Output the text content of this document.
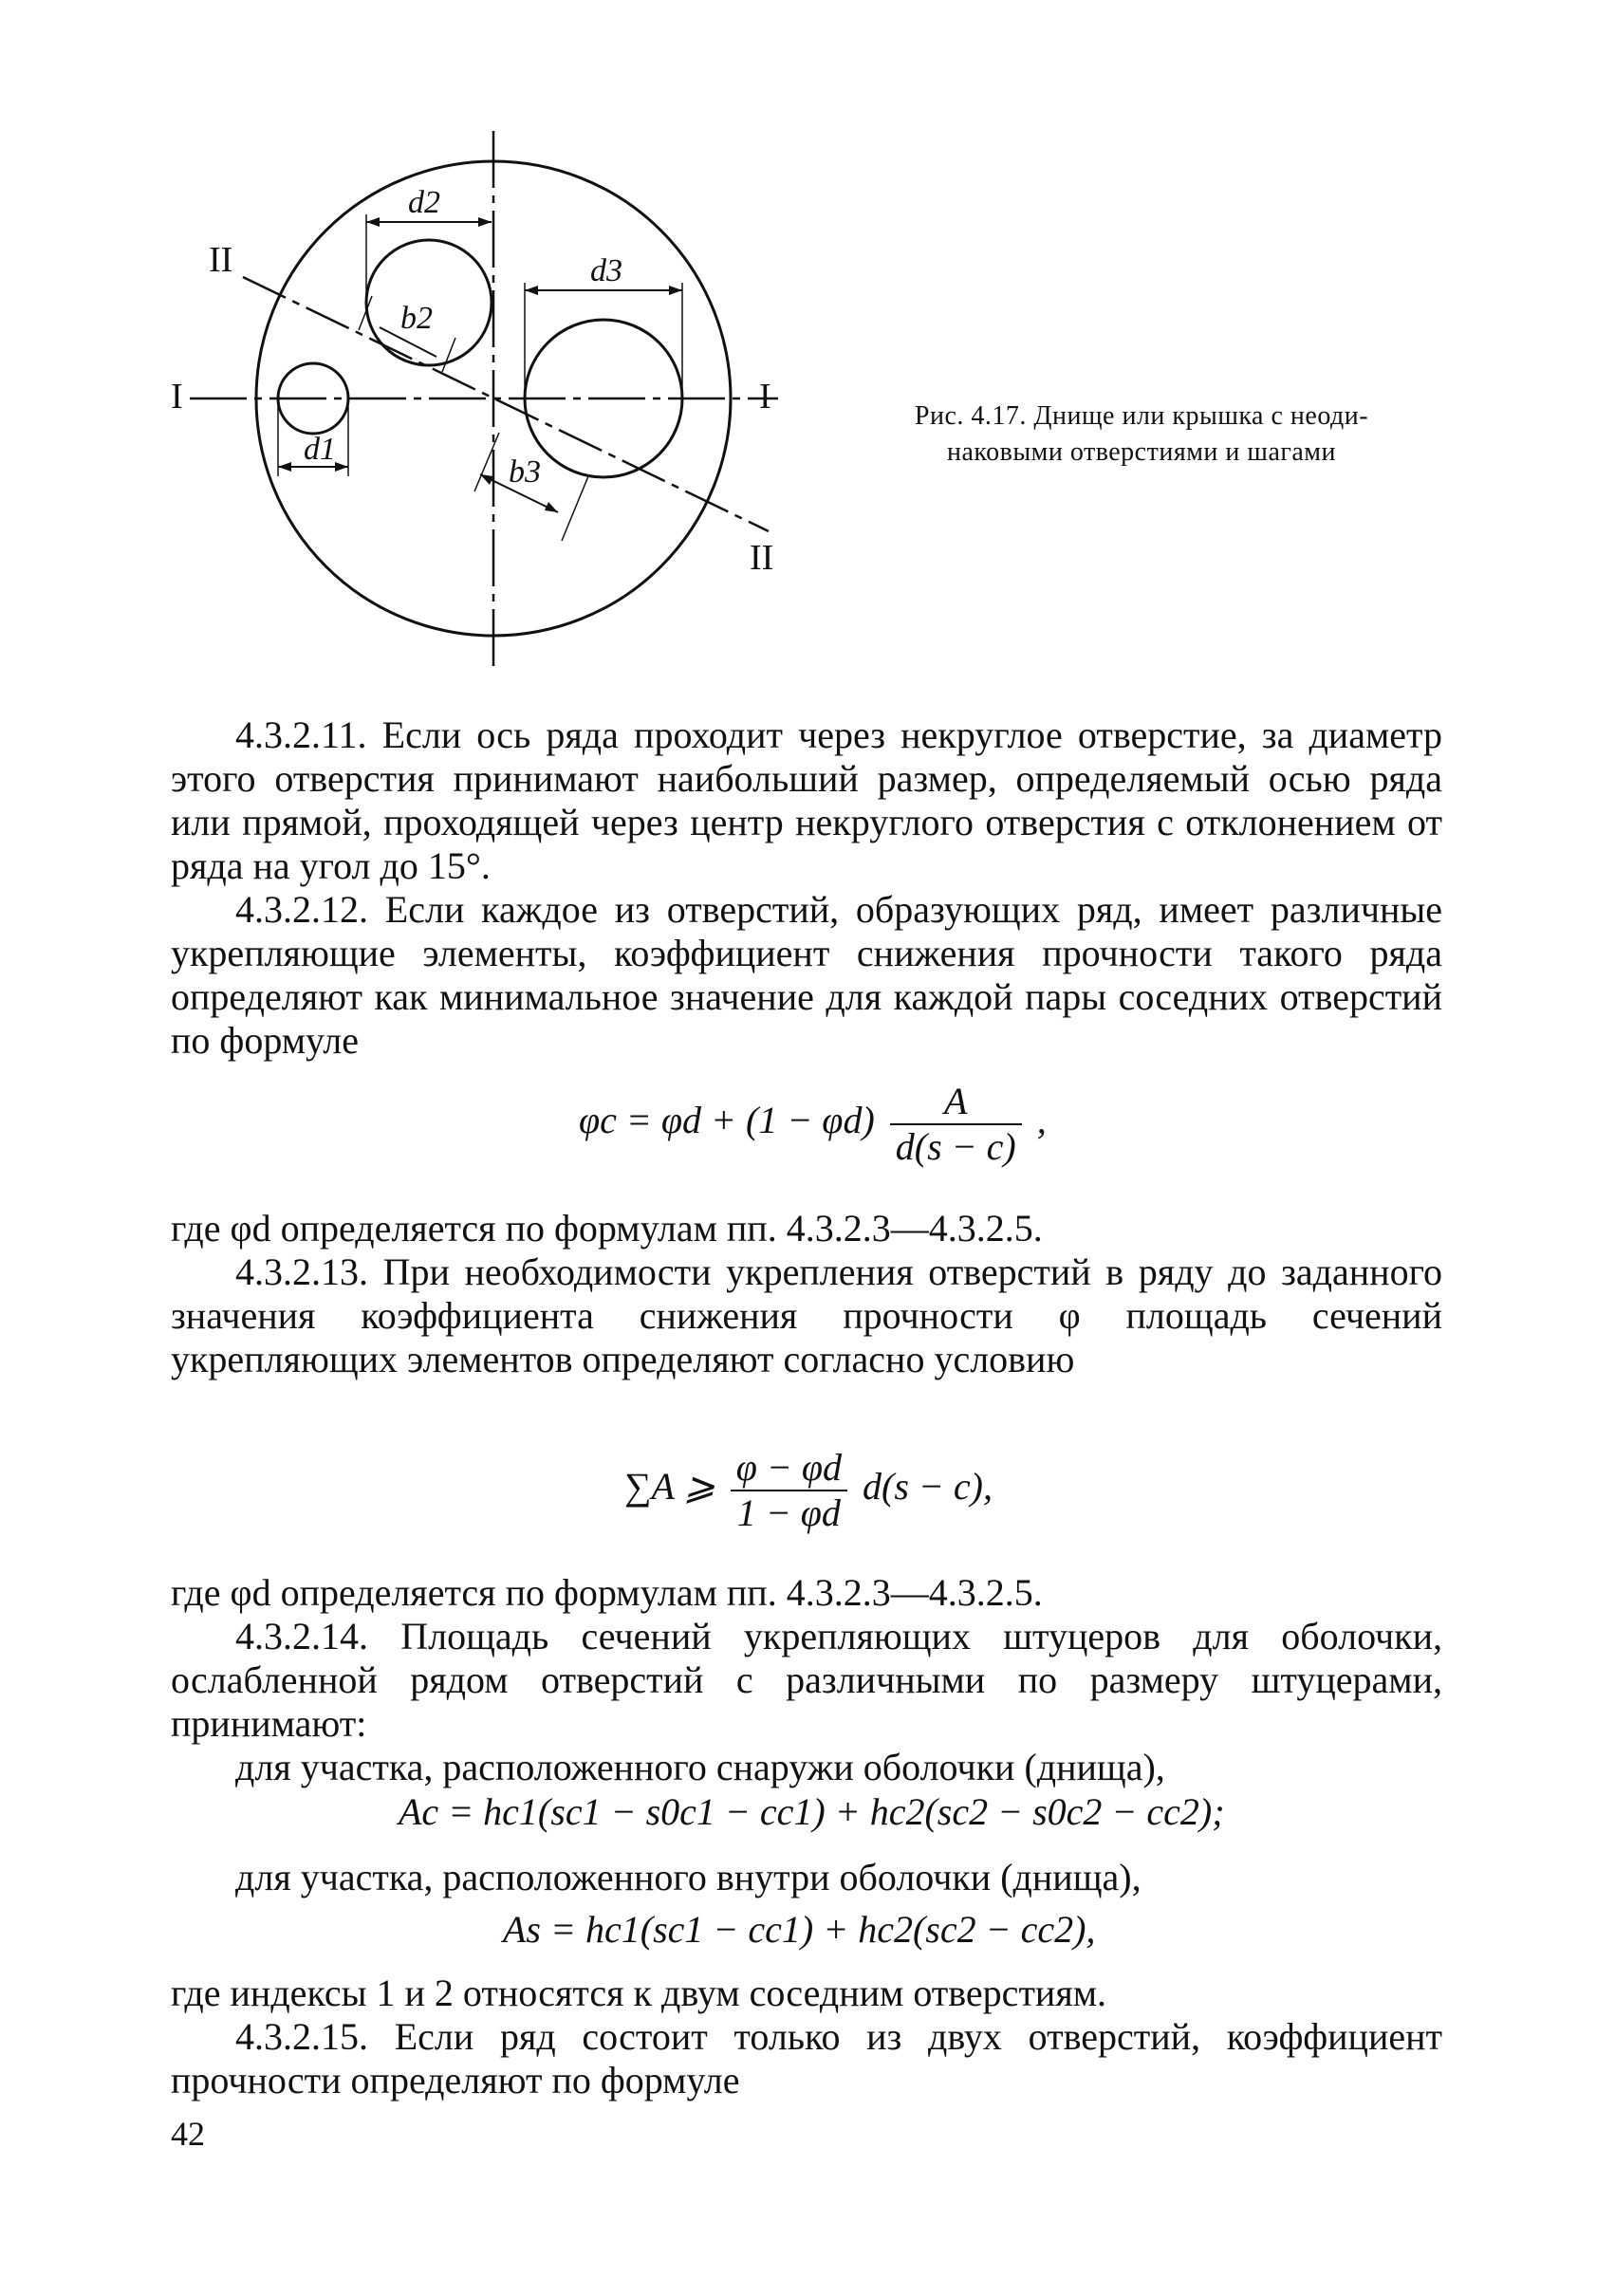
d1
d2
d3
b2
b3
I	I
II
II
Рис. 4.17. Днище или крышка с неоди-
наковыми отверстиями и шагами

4.3.2.11. Если ось ряда проходит через некруглое отверстие, за диаметр этого отверстия принимают наибольший размер, определяемый осью ряда или прямой, проходящей через центр некруглого отверстия с отклонением от ряда на угол до 15°.

4.3.2.12. Если каждое из отверстий, образующих ряд, имеет различные укрепляющие элементы, коэффициент снижения прочности такого ряда определяют как минимальное значение для каждой пары соседних отверстий по формуле

$\varphi c = \varphi d + (1 - \varphi d) \frac{A}{d(s - c)}$ ,

где φd определяется по формулам пп. 4.3.2.3—4.3.2.5.

4.3.2.13. При необходимости укрепления отверстий в ряду до заданного значения коэффициента снижения прочности φ площадь сечений укрепляющих элементов определяют согласно условию

∑A ⩾ $\frac{\varphi - \varphi d}{1 - \varphi d} d(s - c)$,

где φd определяется по формулам пп. 4.3.2.3—4.3.2.5.

4.3.2.14. Площадь сечений укрепляющих штуцеров для оболочки, ослабленной рядом отверстий с различными по размеру штуцерами, принимают:

для участка, расположенного снаружи оболочки (днища),

Ac = hc1(sc1 − s0c1 − cc1) + hc2(sc2 − s0c2 − cc2);

для участка, расположенного внутри оболочки (днища),

As = hc1(sc1 − cc1) + hc2(sc2 − cc2),

где индексы 1 и 2 относятся к двум соседним отверстиям.

4.3.2.15. Если ряд состоит только из двух отверстий, коэффициент прочности определяют по формуле

42
